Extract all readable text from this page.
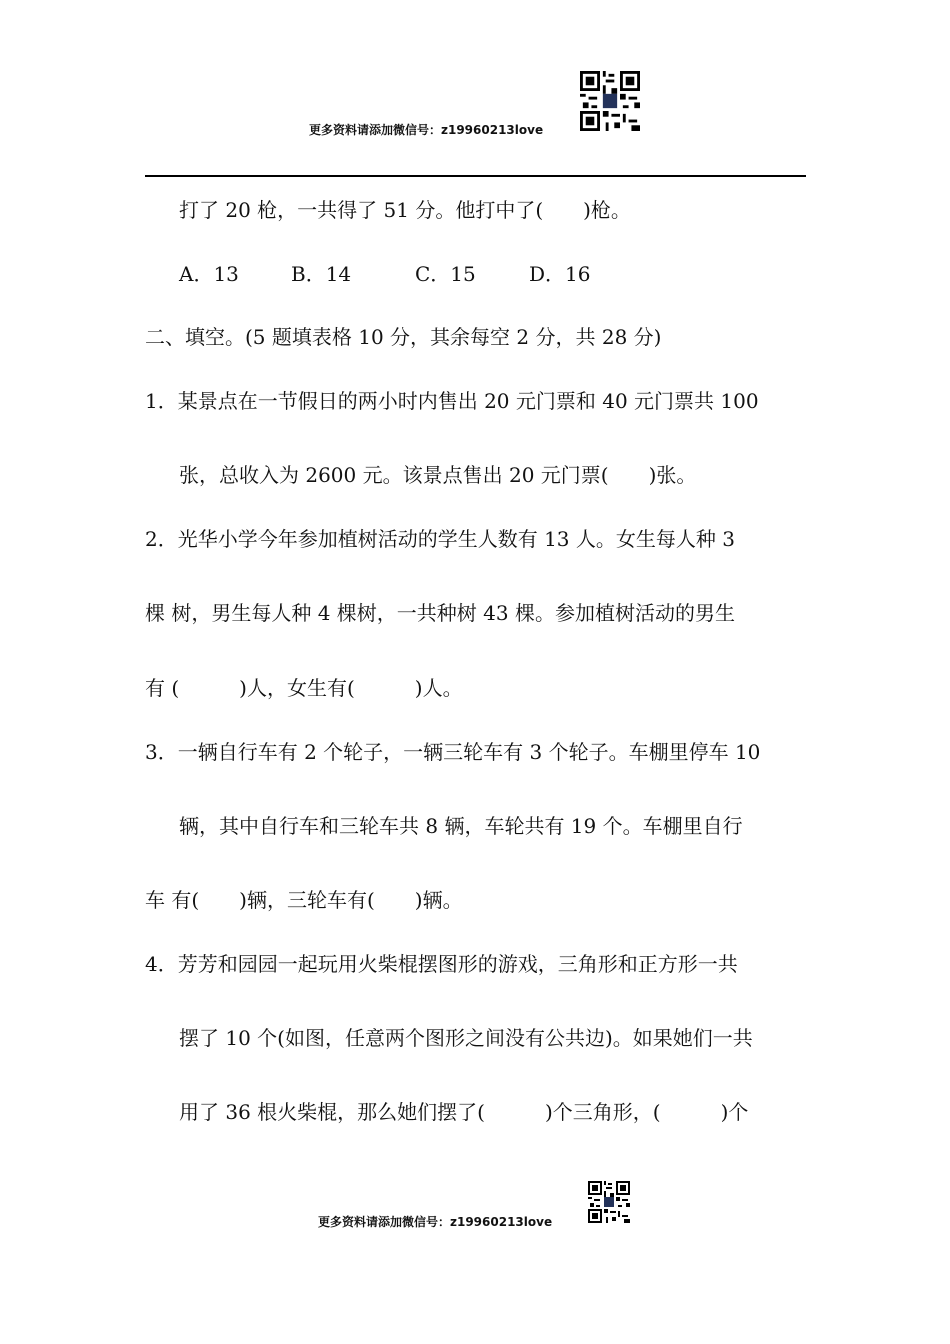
更多资料请添加微信号：z19960213love
打了 20 枪，一共得了 51 分。他打中了(　　)枪。
A．13	B．14	C．15	D．16
二、填空。(5 题填表格 10 分，其余每空 2 分，共 28 分)
1．某景点在一节假日的两小时内售出 20 元门票和 40 元门票共 100
张，总收入为 2600 元。该景点售出 20 元门票(　　)张。
2．光华小学今年参加植树活动的学生人数有 13 人。女生每人种 3
棵 树，男生每人种 4 棵树，一共种树 43 棵。参加植树活动的男生
有 (　　　)人，女生有(　　　)人。
3．一辆自行车有 2 个轮子，一辆三轮车有 3 个轮子。车棚里停车 10
辆，其中自行车和三轮车共 8 辆，车轮共有 19 个。车棚里自行
车 有(　　)辆，三轮车有(　　)辆。
4．芳芳和园园一起玩用火柴棍摆图形的游戏，三角形和正方形一共
摆了 10 个(如图，任意两个图形之间没有公共边)。如果她们一共
用了 36 根火柴棍，那么她们摆了(　　　)个三角形，(　　　)个
更多资料请添加微信号：z19960213love
